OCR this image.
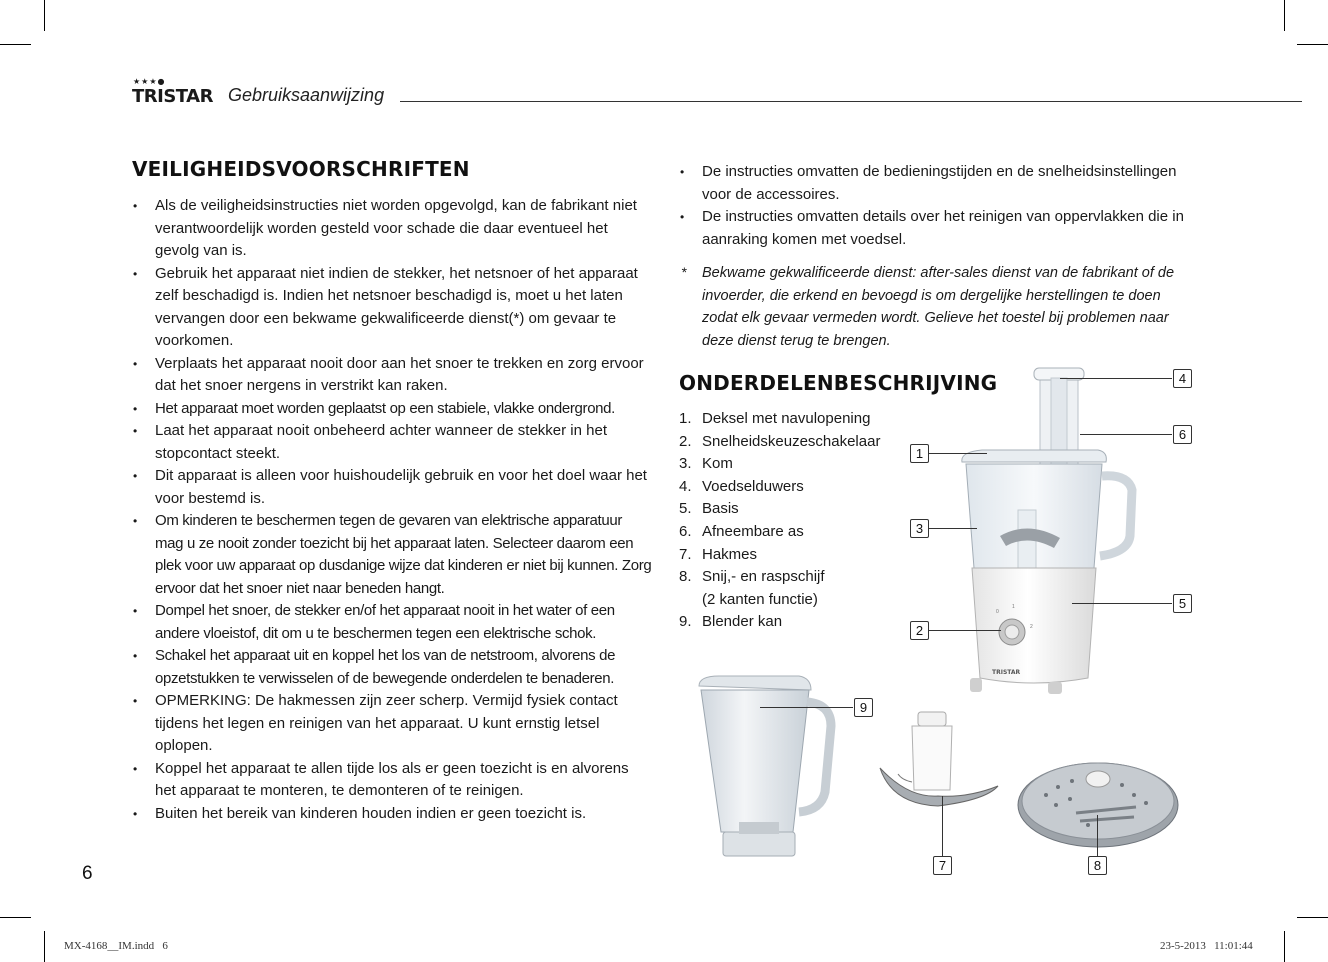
★★★●
TRISTAR Gebruiksaanwijzing
VEILIGHEIDSVOORSCHRIFTEN
• Als de veiligheidsinstructies niet worden opgevolgd, kan de fabrikant niet verantwoordelijk worden gesteld voor schade die daar eventueel het gevolg van is.
• Gebruik het apparaat niet indien de stekker, het netsnoer of het apparaat zelf beschadigd is. Indien het netsnoer beschadigd is, moet u het laten vervangen door een bekwame gekwalificeerde dienst(*) om gevaar te voorkomen.
• Verplaats het apparaat nooit door aan het snoer te trekken en zorg ervoor dat het snoer nergens in verstrikt kan raken.
• Het apparaat moet worden geplaatst op een stabiele, vlakke ondergrond.
• Laat het apparaat nooit onbeheerd achter wanneer de stekker in het stopcontact steekt.
• Dit apparaat is alleen voor huishoudelijk gebruik en voor het doel waar het voor bestemd is.
• Om kinderen te beschermen tegen de gevaren van elektrische apparatuur mag u ze nooit zonder toezicht bij het apparaat laten. Selecteer daarom een plek voor uw apparaat op dusdanige wijze dat kinderen er niet bij kunnen. Zorg ervoor dat het snoer niet naar beneden hangt.
• Dompel het snoer, de stekker en/of het apparaat nooit in het water of een andere vloeistof, dit om u te beschermen tegen een elektrische schok.
• Schakel het apparaat uit en koppel het los van de netstroom, alvorens de opzetstukken te verwisselen of de bewegende onderdelen te benaderen.
• OPMERKING: De hakmessen zijn zeer scherp. Vermijd fysiek contact tijdens het legen en reinigen van het apparaat. U kunt ernstig letsel oplopen.
• Koppel het apparaat te allen tijde los als er geen toezicht is en alvorens het apparaat te monteren, te demonteren of te reinigen.
• Buiten het bereik van kinderen houden indien er geen toezicht is.
• De instructies omvatten de bedieningstijden en de snelheidsinstellingen voor de accessoires.
• De instructies omvatten details over het reinigen van oppervlakken die in aanraking komen met voedsel.
* Bekwame gekwalificeerde dienst: after-sales dienst van de fabrikant of de invoerder, die erkend en bevoegd is om dergelijke herstellingen te doen zodat elk gevaar vermeden wordt. Gelieve het toestel bij problemen naar deze dienst terug te brengen.
ONDERDELENBESCHRIJVING
1. Deksel met navulopening
2. Snelheidskeuzeschakelaar
3. Kom
4. Voedselduwers
5. Basis
6. Afneembare as
7. Hakmes
8. Snij,- en raspschijf
(2 kanten functie)
9. Blender kan
0
1
2
TRISTAR
4
6
1
3
5
2
9
7	8
6
MX-4168__IM.indd   6	23-5-2013   11:01:44
